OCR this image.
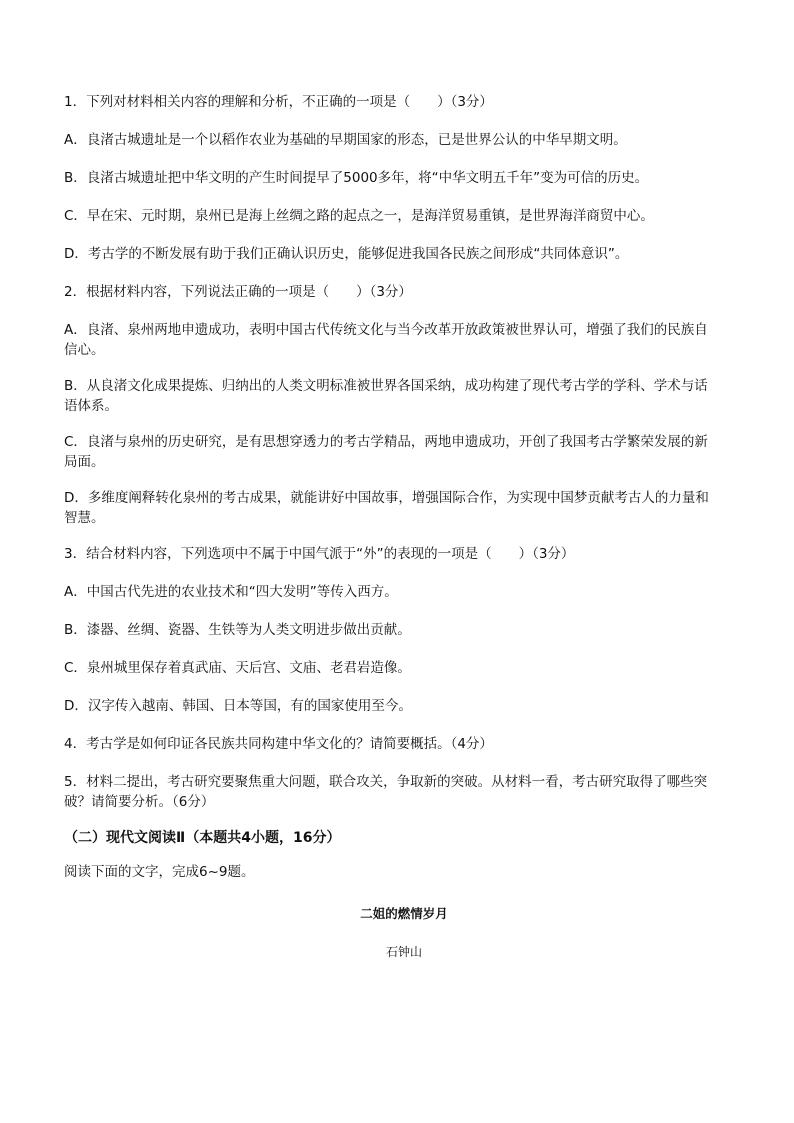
1．下列对材料相关内容的理解和分析，不正确的一项是（　　）（3分）

A．良渚古城遗址是一个以稻作农业为基础的早期国家的形态，已是世界公认的中华早期文明。

B．良渚古城遗址把中华文明的产生时间提早了5000多年，将“中华文明五千年”变为可信的历史。

C．早在宋、元时期，泉州已是海上丝绸之路的起点之一，是海洋贸易重镇，是世界海洋商贸中心。

D．考古学的不断发展有助于我们正确认识历史，能够促进我国各民族之间形成“共同体意识”。

2．根据材料内容，下列说法正确的一项是（　　）（3分）

A．良渚、泉州两地申遗成功，表明中国古代传统文化与当今改革开放政策被世界认可，增强了我们的民族自

信心。

B．从良渚文化成果提炼、归纳出的人类文明标准被世界各国采纳，成功构建了现代考古学的学科、学术与话

语体系。

C．良渚与泉州的历史研究，是有思想穿透力的考古学精品，两地申遗成功，开创了我国考古学繁荣发展的新

局面。

D．多维度阐释转化泉州的考古成果，就能讲好中国故事，增强国际合作，为实现中国梦贡献考古人的力量和

智慧。

3．结合材料内容，下列选项中不属于中国气派于“外”的表现的一项是（　　）（3分）

A．中国古代先进的农业技术和“四大发明”等传入西方。

B．漆器、丝绸、瓷器、生铁等为人类文明进步做出贡献。

C．泉州城里保存着真武庙、天后宫、文庙、老君岩造像。

D．汉字传入越南、韩国、日本等国，有的国家使用至今。

4．考古学是如何印证各民族共同构建中华文化的？请简要概括。（4分）

5．材料二提出，考古研究要聚焦重大问题，联合攻关，争取新的突破。从材料一看，考古研究取得了哪些突

破？请简要分析。（6分）

（二）现代文阅读Ⅱ（本题共4小题，16分）

阅读下面的文字，完成6~9题。

二姐的燃情岁月

石钟山
